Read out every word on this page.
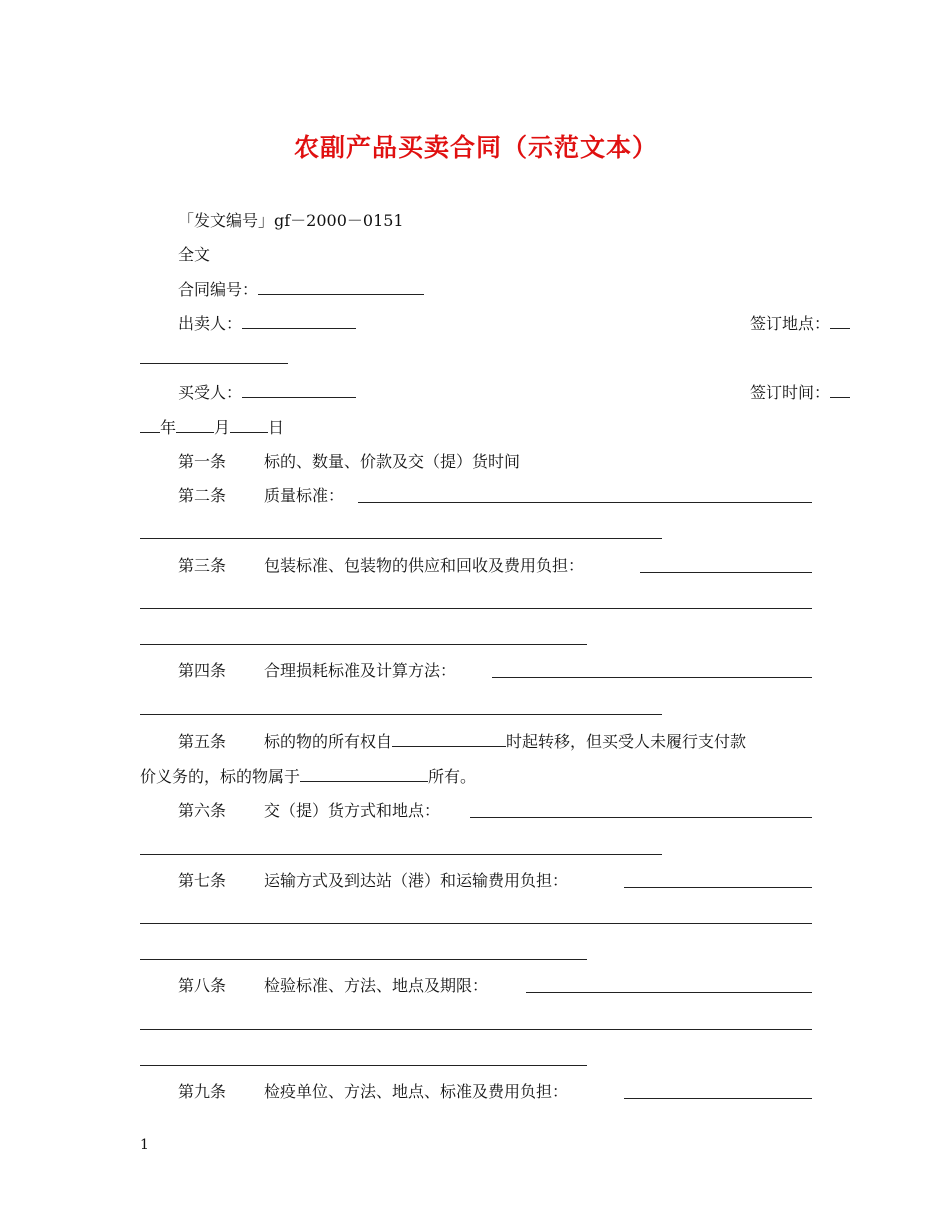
农副产品买卖合同（示范文本）
「发文编号」gf－2000－0151
全文
合同编号：
出卖人：	签订地点：
买受人：	签订时间：
年 月 日
第一条 标的、数量、价款及交（提）货时间
第二条 质量标准：
第三条 包装标准、包装物的供应和回收及费用负担：
第四条 合理损耗标准及计算方法：
第五条 标的物的所有权自	时起转移，但买受人未履行支付款
价义务的，标的物属于	所有。
第六条 交（提）货方式和地点：
第七条 运输方式及到达站（港）和运输费用负担：
第八条 检验标准、方法、地点及期限：
第九条 检疫单位、方法、地点、标准及费用负担：
1
